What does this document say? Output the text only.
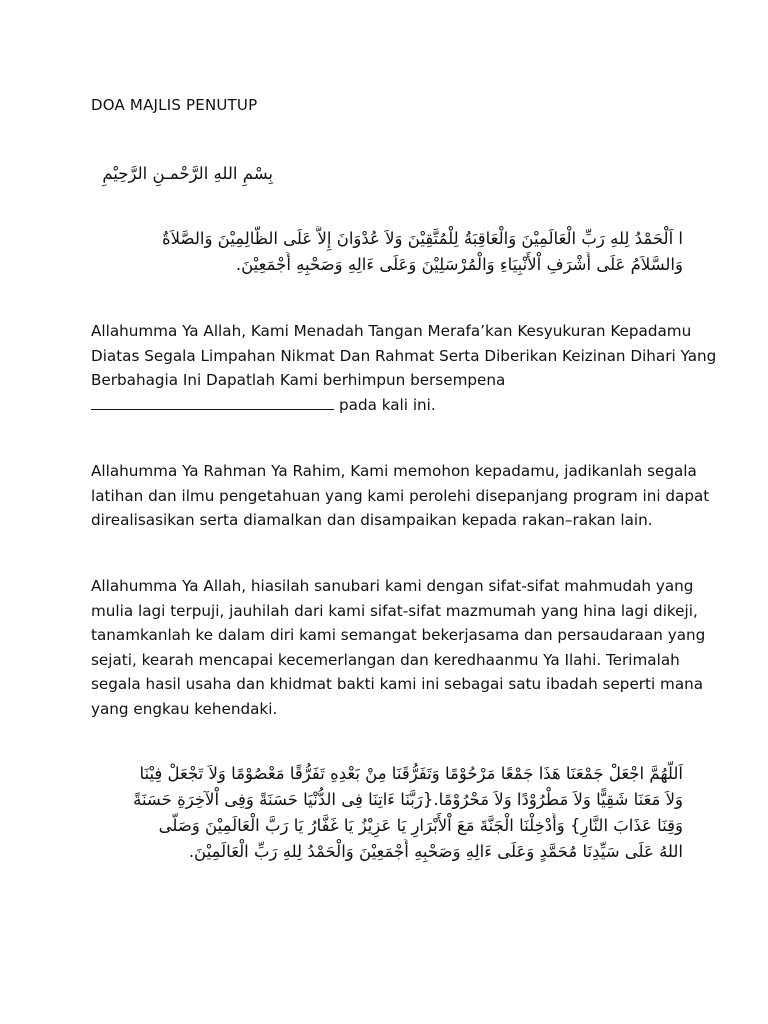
DOA MAJLIS PENUTUP
بِسْمِ اللهِ الرَّحْمـنِ الرَّحِيْمِ
ا اَلْحَمْدُ لِلهِ رَبِّ الْعَالَمِيْنَ وَالْعَاقِبَةُ لِلْمُتَّقِيْنَ وَلاَ عُدْوَانَ إِلاَّ عَلَى الظَّالِمِيْنَ وَالصَّلاَةُ
وَالسَّلاَمُ عَلَى أَشْرَفِ اْلأَنْبِيَاءِ وَالْمُرْسَلِيْنَ وَعَلَى ءَالِهِ وَصَحْبِهِ أَجْمَعِيْنَ.
Allahumma Ya Allah, Kami Menadah Tangan Merafa’kan Kesyukuran Kepadamu
Diatas Segala Limpahan Nikmat Dan Rahmat Serta Diberikan Keizinan Dihari Yang
Berbahagia Ini Dapatlah Kami berhimpun bersempena
pada kali ini.
Allahumma Ya Rahman Ya Rahim, Kami memohon kepadamu, jadikanlah segala
latihan dan ilmu pengetahuan yang kami perolehi disepanjang program ini dapat
direalisasikan serta diamalkan dan disampaikan kepada rakan–rakan lain.
Allahumma Ya Allah, hiasilah sanubari kami dengan sifat-sifat mahmudah yang
mulia lagi terpuji, jauhilah dari kami sifat-sifat mazmumah yang hina lagi dikeji,
tanamkanlah ke dalam diri kami semangat bekerjasama dan persaudaraan yang
sejati, kearah mencapai kecemerlangan dan keredhaanmu Ya Ilahi. Terimalah
segala hasil usaha dan khidmat bakti kami ini sebagai satu ibadah seperti mana
yang engkau kehendaki.
اَللَّهُمَّ اجْعَلْ جَمْعَنَا هَذَا جَمْعًا مَرْحُوْمًا وَتَفَرُّقَنَا مِنْ بَعْدِهِ تَفَرُّقًا مَعْصُوْمًا وَلاَ تَجْعَلْ فِيْنَا
وَلاَ مَعَنَا شَقِيًّا وَلاَ مَطْرُوْدًا وَلاَ مَحْرُوْمًا.{رَبَّنَا ءَاتِنَا فِى الدُّنْيَا حَسَنَةً وَفِى اْلآخِرَةِ حَسَنَةً
وَقِنَا عَذَابَ النَّارِ} وَأَدْخِلْنَا الْجَنَّةَ مَعَ اْلأَبْرَارِ يَا عَزِيْزُ يَا غَفَّارُ يَا رَبَّ الْعَالَمِيْنَ وَصَلَّى
اللهُ عَلَى سَيِّدِنَا مُحَمَّدٍ وَعَلَى ءَالِهِ وَصَحْبِهِ أَجْمَعِيْنَ وَالْحَمْدُ لِلهِ رَبِّ الْعَالَمِيْنَ.
